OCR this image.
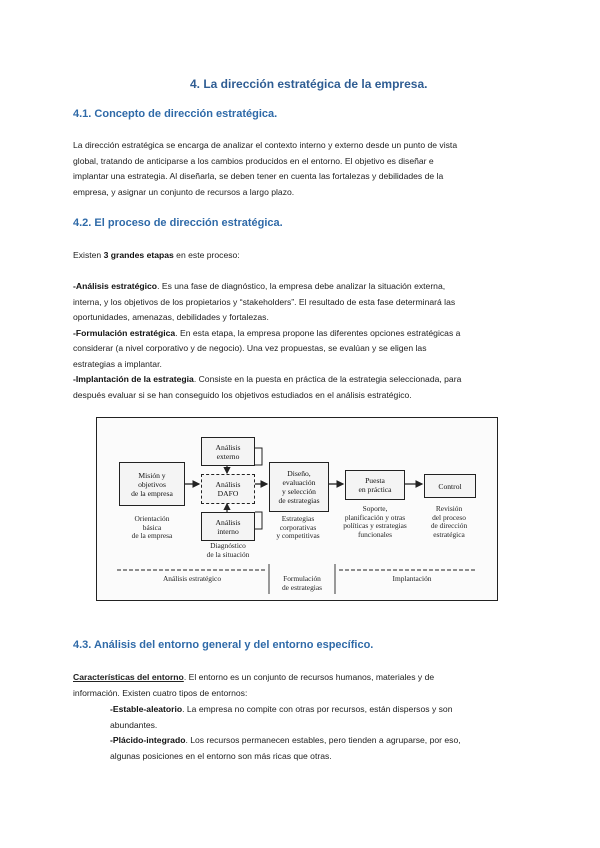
4. La dirección estratégica de la empresa.
4.1. Concepto de dirección estratégica.

La dirección estratégica se encarga de analizar el contexto interno y externo desde un punto de vista

global, tratando de anticiparse a los cambios producidos en el entorno. El objetivo es diseñar e

implantar una estrategia. Al diseñarla, se deben tener en cuenta las fortalezas y debilidades de la

empresa, y asignar un conjunto de recursos a largo plazo.

4.2. El proceso de dirección estratégica.

Existen 3 grandes etapas en este proceso:

-Análisis estratégico. Es una fase de diagnóstico, la empresa debe analizar la situación externa,

interna, y los objetivos de los propietarios y “stakeholders”. El resultado de esta fase determinará las

oportunidades, amenazas, debilidades y fortalezas.

-Formulación estratégica. En esta etapa, la empresa propone las diferentes opciones estratégicas a

considerar (a nivel corporativo y de negocio). Una vez propuestas, se evalúan y se eligen las

estrategias a implantar.

-Implantación de la estrategia. Consiste en la puesta en práctica de la estrategia seleccionada, para

después evaluar si se han conseguido los objetivos estudiados en el análisis estratégico.

Misión y
objetivos
de la empresa
Análisis
externo
Análisis
DAFO
Análisis
interno
Diseño,
evaluación
y selección
de estrategias
Puesta
en práctica	Control
Orientación
básica
de la empresa
Diagnóstico
de la situación
Estrategias
corporativas
y competitivas
Soporte,
planificación y otras
políticas y estrategias
funcionales
Revisión
del proceso
de dirección
estratégica
Análisis estratégico	Formulación
de estrategias
Implantación
4.3. Análisis del entorno general y del entorno específico.

Características del entorno. El entorno es un conjunto de recursos humanos, materiales y de

información. Existen cuatro tipos de entornos:

-Estable-aleatorio. La empresa no compite con otras por recursos, están dispersos y son

abundantes.

-Plácido-integrado. Los recursos permanecen estables, pero tienden a agruparse, por eso,

algunas posiciones en el entorno son más ricas que otras.
